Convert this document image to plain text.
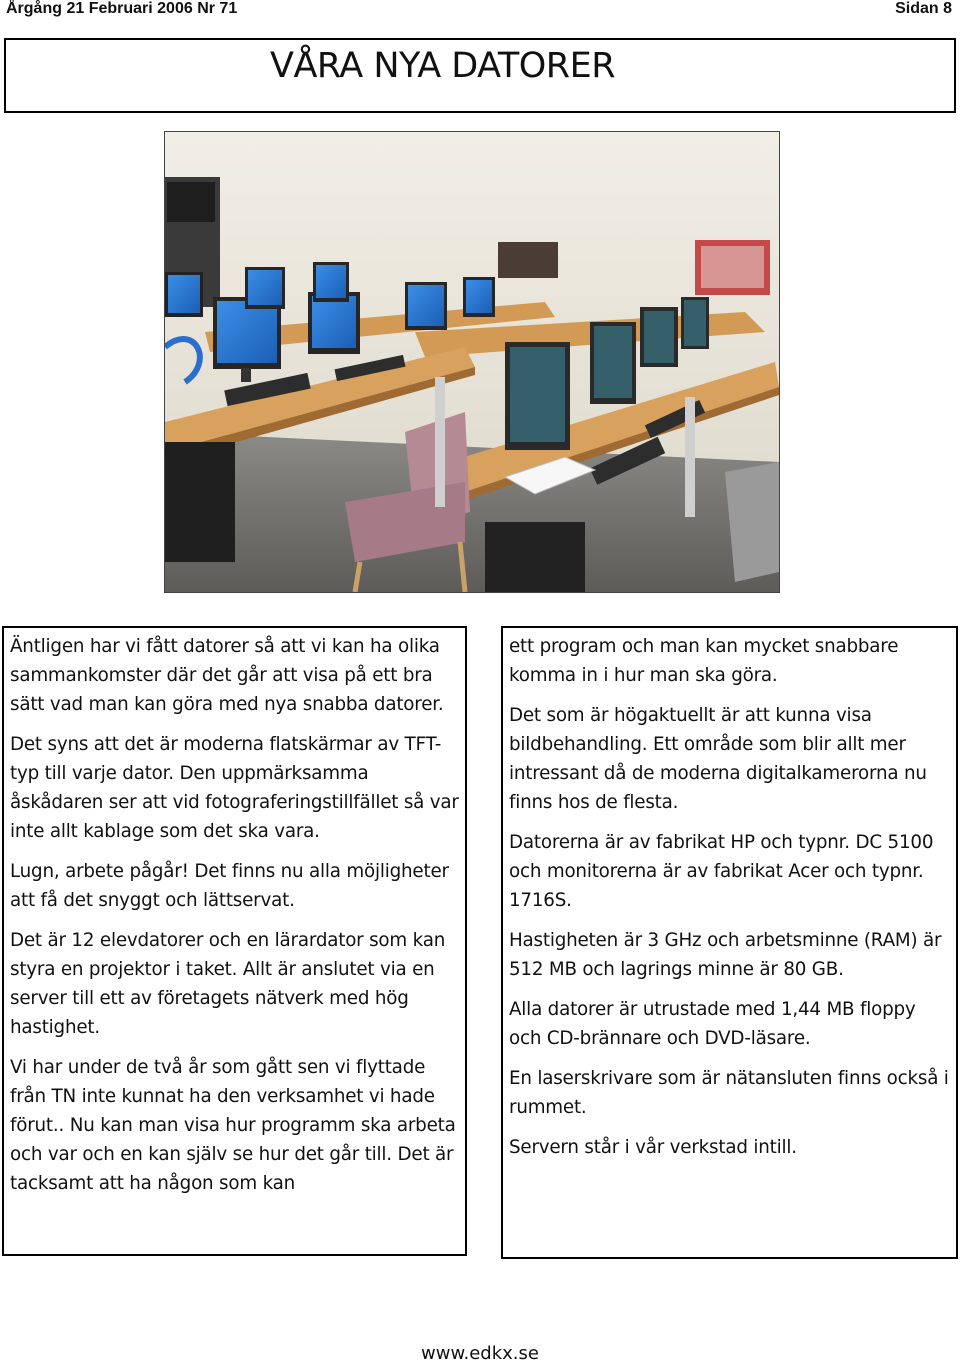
Årgång 21 Februari 2006 Nr 71	Sidan 8
VÅRA NYA DATORER

Äntligen har vi fått datorer så att vi kan ha olika sammankomster där det går att visa på ett bra sätt vad man kan göra med nya snabba datorer.

Det syns att det är moderna flatskärmar av TFT-typ till varje dator. Den uppmärksamma åskådaren ser att vid fotograferingstillfället så var inte allt kablage som det ska vara.

Lugn, arbete pågår! Det finns nu alla möjligheter att få det snyggt och lättservat.

Det är 12 elevdatorer och en lärardator som kan styra en projektor i taket. Allt är anslutet via en server till ett av företagets nätverk med hög hastighet.

Vi har under de två år som gått sen vi flyttade från TN inte kunnat ha den verksamhet vi hade förut.. Nu kan man visa hur programm ska arbeta och var och en kan själv se hur det går till. Det är tacksamt att ha någon som kan

ett program och man kan mycket snabbare komma in i hur man ska göra.

Det som är högaktuellt är att kunna visa bildbehandling. Ett område som blir allt mer intressant då de moderna digitalkamerorna nu finns hos de flesta.

Datorerna är av fabrikat HP och typnr. DC 5100 och monitorerna är av fabrikat Acer och typnr. 1716S.

Hastigheten är 3 GHz och arbetsminne (RAM) är 512 MB och lagrings minne är 80 GB.

Alla datorer är utrustade med 1,44 MB floppy och CD-brännare och DVD-läsare.

En laserskrivare som är nätansluten finns också i rummet.

Servern står i vår verkstad intill.

www.edkx.se
